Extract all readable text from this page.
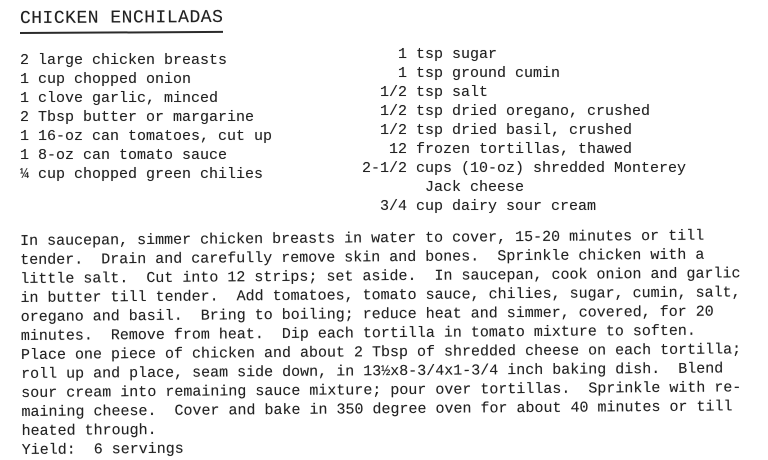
CHICKEN ENCHILADAS
2 large chicken breasts
1 cup chopped onion
1 clove garlic, minced
2 Tbsp butter or margarine
1 16-oz can tomatoes, cut up
1 8-oz can tomato sauce
¼ cup chopped green chilies
1 tsp sugar
1 tsp ground cumin
1/2 tsp salt
1/2 tsp dried oregano, crushed
1/2 tsp dried basil, crushed
12 frozen tortillas, thawed
2-1/2 cups (10-oz) shredded Monterey
Jack cheese
3/4 cup dairy sour cream
In saucepan, simmer chicken breasts in water to cover, 15-20 minutes or till
tender.  Drain and carefully remove skin and bones.  Sprinkle chicken with a
little salt.  Cut into 12 strips; set aside.  In saucepan, cook onion and garlic
in butter till tender.  Add tomatoes, tomato sauce, chilies, sugar, cumin, salt,
oregano and basil.  Bring to boiling; reduce heat and simmer, covered, for 20
minutes.  Remove from heat.  Dip each tortilla in tomato mixture to soften.
Place one piece of chicken and about 2 Tbsp of shredded cheese on each tortilla;
roll up and place, seam side down, in 13½x8-3/4x1-3/4 inch baking dish.  Blend
sour cream into remaining sauce mixture; pour over tortillas.  Sprinkle with re-
maining cheese.  Cover and bake in 350 degree oven for about 40 minutes or till
heated through.
Yield:  6 servings
